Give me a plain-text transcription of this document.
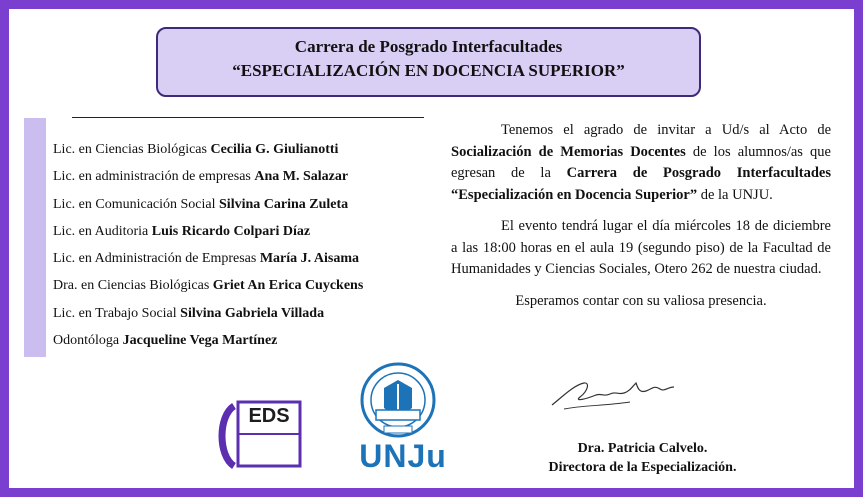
Carrera de Posgrado Interfacultades
“ESPECIALIZACIÓN EN DOCENCIA SUPERIOR”
Lic. en Ciencias Biológicas Cecilia G. Giulianotti
Lic. en administración de empresas Ana M. Salazar
Lic. en Comunicación Social Silvina Carina Zuleta
Lic. en Auditoria Luis Ricardo Colpari Díaz
Lic. en Administración de Empresas María J. Aisama
Dra. en Ciencias Biológicas Griet An Erica Cuyckens
Lic. en Trabajo Social Silvina Gabriela Villada
Odontóloga Jacqueline Vega Martínez

Tenemos el agrado de invitar a Ud/s al Acto de Socialización de Memorias Docentes de los alumnos/as que egresan de la Carrera de Posgrado Interfacultades “Especialización en Docencia Superior” de la UNJU.

El evento tendrá lugar el día miércoles 18 de diciembre a las 18:00 horas en el aula 19 (segundo piso) de la Facultad de Humanidades y Ciencias Sociales, Otero 262 de nuestra ciudad.

Esperamos contar con su valiosa presencia.

Dra. Patricia Calvelo.
Directora de la Especialización.
EDS
UNJu
